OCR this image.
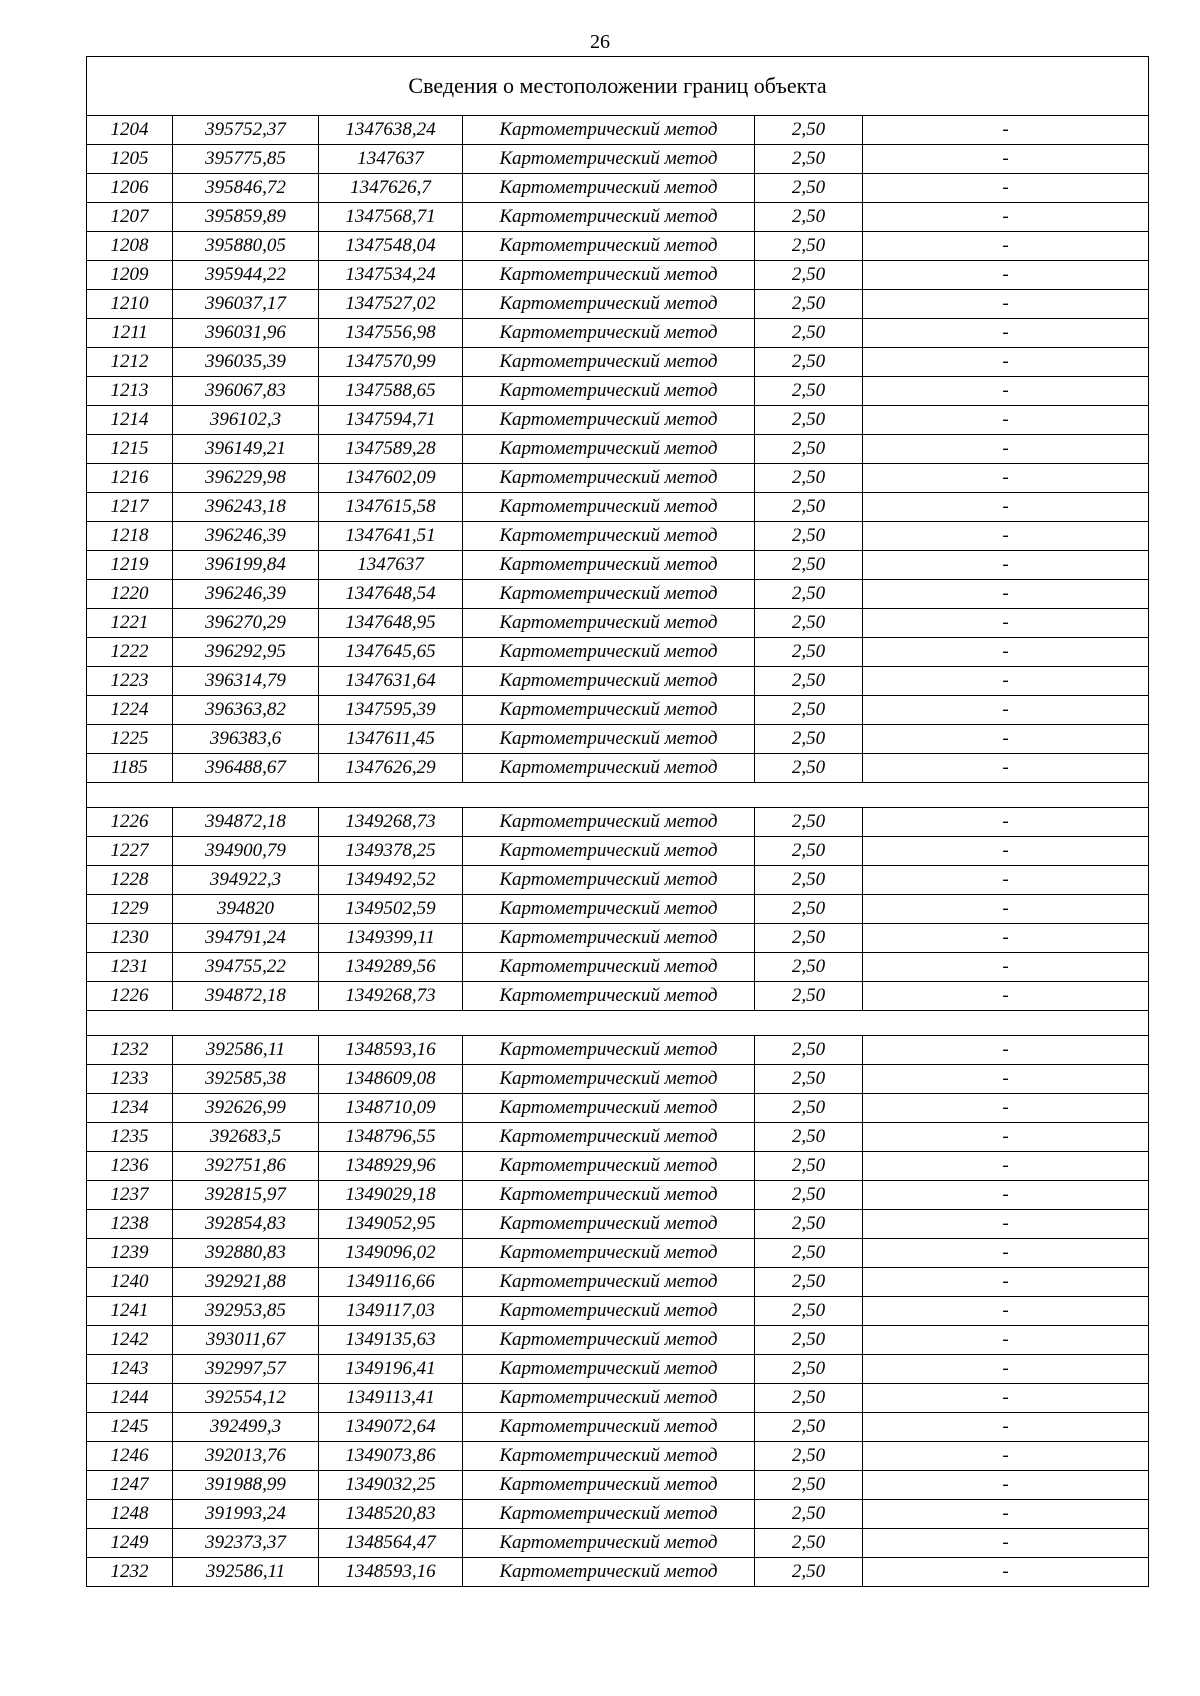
26
Сведения о местоположении границ объекта					
1204	395752,37	1347638,24	Картометрический метод	2,50	-
1205	395775,85	1347637	Картометрический метод	2,50	-
1206	395846,72	1347626,7	Картометрический метод	2,50	-
1207	395859,89	1347568,71	Картометрический метод	2,50	-
1208	395880,05	1347548,04	Картометрический метод	2,50	-
1209	395944,22	1347534,24	Картометрический метод	2,50	-
1210	396037,17	1347527,02	Картометрический метод	2,50	-
1211	396031,96	1347556,98	Картометрический метод	2,50	-
1212	396035,39	1347570,99	Картометрический метод	2,50	-
1213	396067,83	1347588,65	Картометрический метод	2,50	-
1214	396102,3	1347594,71	Картометрический метод	2,50	-
1215	396149,21	1347589,28	Картометрический метод	2,50	-
1216	396229,98	1347602,09	Картометрический метод	2,50	-
1217	396243,18	1347615,58	Картометрический метод	2,50	-
1218	396246,39	1347641,51	Картометрический метод	2,50	-
1219	396199,84	1347637	Картометрический метод	2,50	-
1220	396246,39	1347648,54	Картометрический метод	2,50	-
1221	396270,29	1347648,95	Картометрический метод	2,50	-
1222	396292,95	1347645,65	Картометрический метод	2,50	-
1223	396314,79	1347631,64	Картометрический метод	2,50	-
1224	396363,82	1347595,39	Картометрический метод	2,50	-
1225	396383,6	1347611,45	Картометрический метод	2,50	-
1185	396488,67	1347626,29	Картометрический метод	2,50	-

1226	394872,18	1349268,73	Картометрический метод	2,50	-
1227	394900,79	1349378,25	Картометрический метод	2,50	-
1228	394922,3	1349492,52	Картометрический метод	2,50	-
1229	394820	1349502,59	Картометрический метод	2,50	-
1230	394791,24	1349399,11	Картометрический метод	2,50	-
1231	394755,22	1349289,56	Картометрический метод	2,50	-
1226	394872,18	1349268,73	Картометрический метод	2,50	-

1232	392586,11	1348593,16	Картометрический метод	2,50	-
1233	392585,38	1348609,08	Картометрический метод	2,50	-
1234	392626,99	1348710,09	Картометрический метод	2,50	-
1235	392683,5	1348796,55	Картометрический метод	2,50	-
1236	392751,86	1348929,96	Картометрический метод	2,50	-
1237	392815,97	1349029,18	Картометрический метод	2,50	-
1238	392854,83	1349052,95	Картометрический метод	2,50	-
1239	392880,83	1349096,02	Картометрический метод	2,50	-
1240	392921,88	1349116,66	Картометрический метод	2,50	-
1241	392953,85	1349117,03	Картометрический метод	2,50	-
1242	393011,67	1349135,63	Картометрический метод	2,50	-
1243	392997,57	1349196,41	Картометрический метод	2,50	-
1244	392554,12	1349113,41	Картометрический метод	2,50	-
1245	392499,3	1349072,64	Картометрический метод	2,50	-
1246	392013,76	1349073,86	Картометрический метод	2,50	-
1247	391988,99	1349032,25	Картометрический метод	2,50	-
1248	391993,24	1348520,83	Картометрический метод	2,50	-
1249	392373,37	1348564,47	Картометрический метод	2,50	-
1232	392586,11	1348593,16	Картометрический метод	2,50	-
